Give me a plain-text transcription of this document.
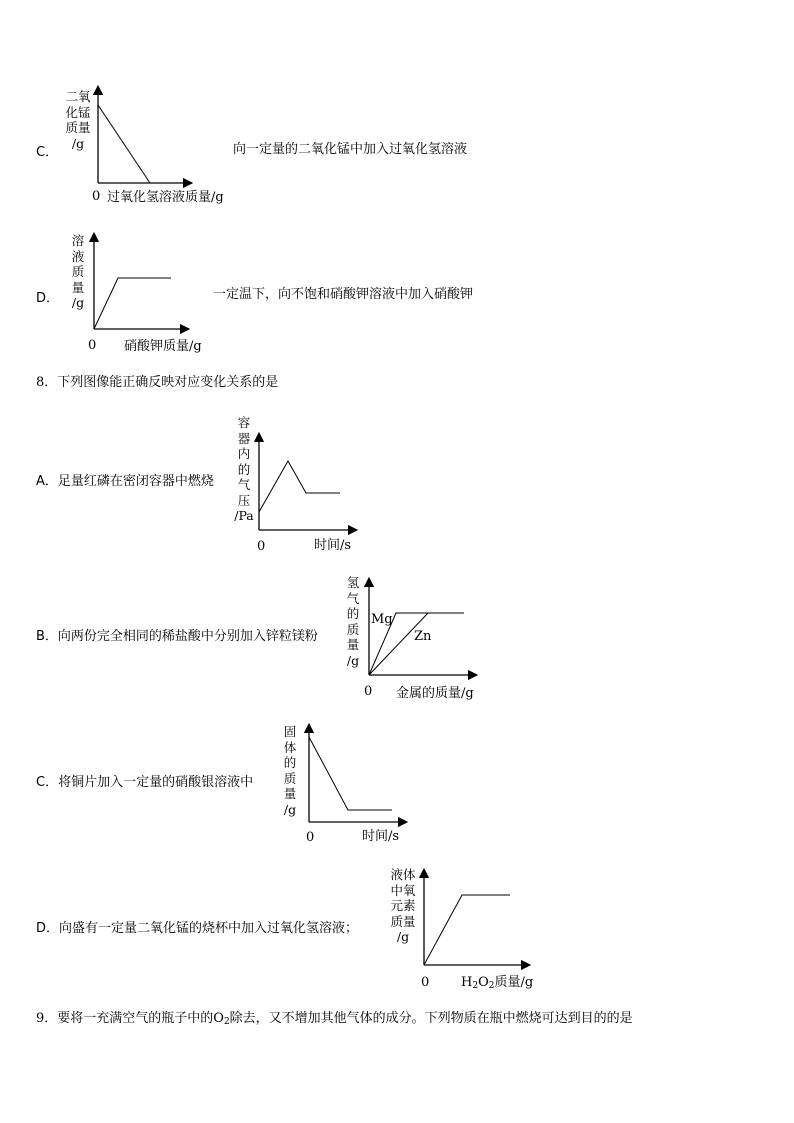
C．
二氧
化锰
质量
/g
0 过氧化氢溶液质量/g
向一定量的二氧化锰中加入过氧化氢溶液
D．
溶
液
质
量
/g
0 硝酸钾质量/g
一定温下，向不饱和硝酸钾溶液中加入硝酸钾
8．下列图像能正确反映对应变化关系的是
A．足量红磷在密闭容器中燃烧
容
器
内
的
气
压
/Pa
0	时间/s
B．向两份完全相同的稀盐酸中分别加入锌粒镁粉
氢
气
的
质
量
/g
Mg
Zn
0 金属的质量/g
C．将铜片加入一定量的硝酸银溶液中
固
体
的
质
量
/g
0	时间/s
D．向盛有一定量二氧化锰的烧杯中加入过氧化氢溶液；
液体
中氧
元素
质量
/g
0 $H_2O_2$质量/g
9．要将一充满空气的瓶子中的$O_2$除去，又不增加其他气体的成分。下列物质在瓶中燃烧可达到目的的是
